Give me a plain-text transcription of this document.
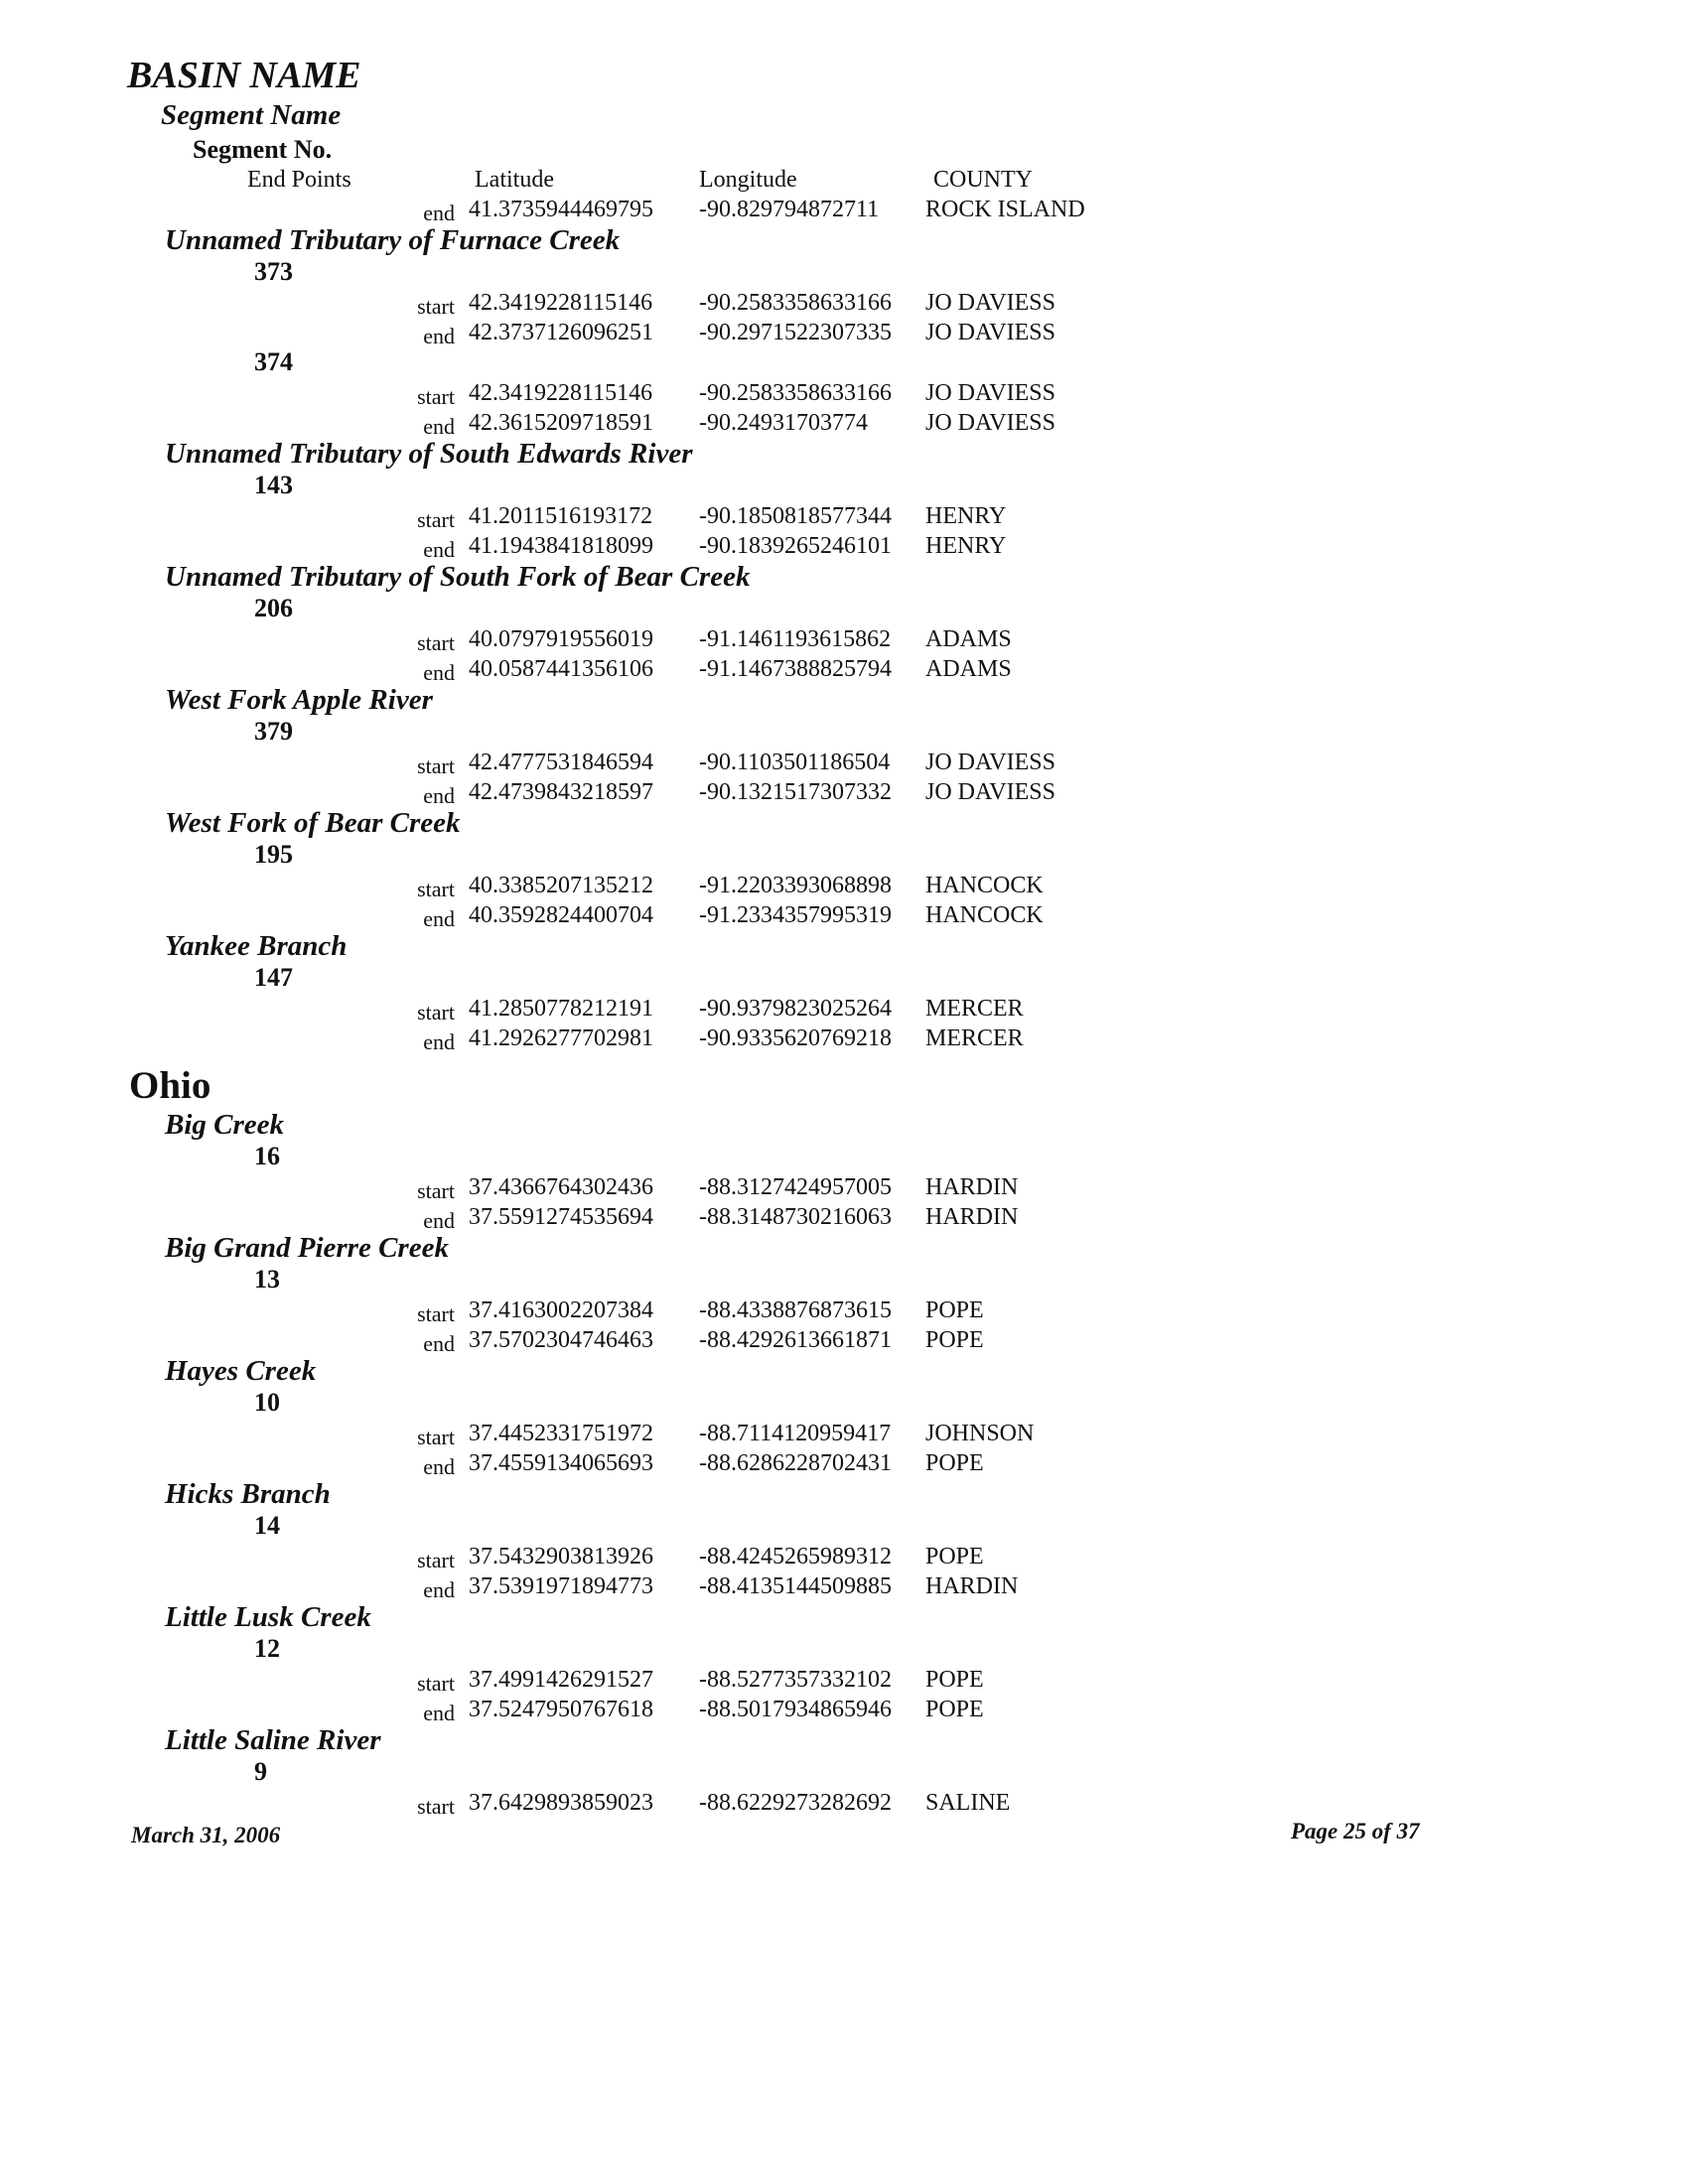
BASIN NAME
Segment Name
Segment No.
End Points	Latitude	Longitude	COUNTY
end 41.3735944469795 -90.829794872711 ROCK ISLAND
Unnamed Tributary of Furnace Creek
373
start 42.3419228115146 -90.2583358633166 JO DAVIESS
end 42.3737126096251 -90.2971522307335 JO DAVIESS
374
start 42.3419228115146 -90.2583358633166 JO DAVIESS
end 42.3615209718591 -90.24931703774 JO DAVIESS
Unnamed Tributary of South Edwards River
143
start 41.2011516193172 -90.1850818577344 HENRY
end 41.1943841818099 -90.1839265246101 HENRY
Unnamed Tributary of South Fork of Bear Creek
206
start 40.0797919556019 -91.1461193615862 ADAMS
end 40.0587441356106 -91.1467388825794 ADAMS
West Fork Apple River
379
start 42.4777531846594 -90.1103501186504 JO DAVIESS
end 42.4739843218597 -90.1321517307332 JO DAVIESS
West Fork of Bear Creek
195
start 40.3385207135212 -91.2203393068898 HANCOCK
end 40.3592824400704 -91.2334357995319 HANCOCK
Yankee Branch
147
start 41.2850778212191 -90.9379823025264 MERCER
end 41.2926277702981 -90.9335620769218 MERCER
Ohio
Big Creek
16
start 37.4366764302436 -88.3127424957005 HARDIN
end 37.5591274535694 -88.3148730216063 HARDIN
Big Grand Pierre Creek
13
start 37.4163002207384 -88.4338876873615 POPE
end 37.5702304746463 -88.4292613661871 POPE
Hayes Creek
10
start 37.4452331751972 -88.7114120959417 JOHNSON
end 37.4559134065693 -88.6286228702431 POPE
Hicks Branch
14
start 37.5432903813926 -88.4245265989312 POPE
end 37.5391971894773 -88.4135144509885 HARDIN
Little Lusk Creek
12
start 37.4991426291527 -88.5277357332102 POPE
end 37.5247950767618 -88.5017934865946 POPE
Little Saline River
9
start 37.6429893859023 -88.6229273282692 SALINE
March 31, 2006	Page 25 of 37
